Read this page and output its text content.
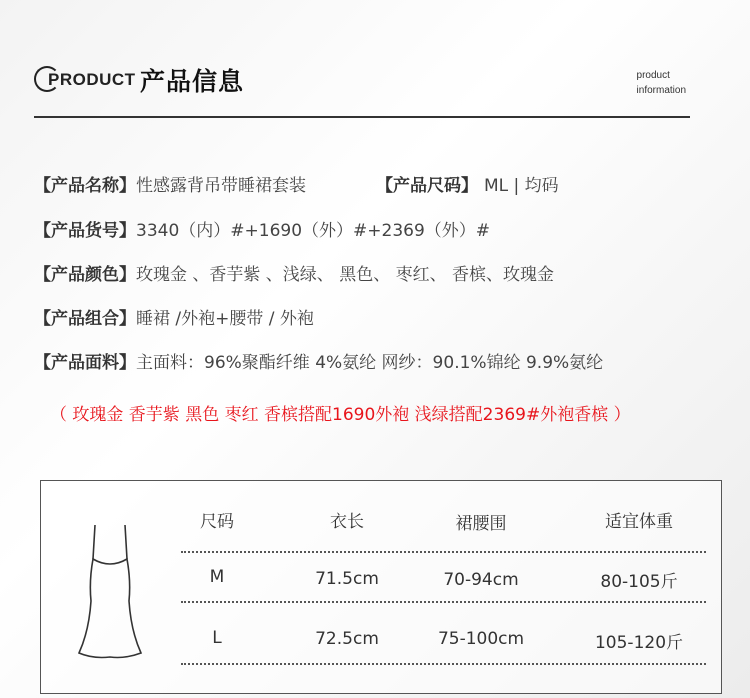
PRODUCT 产品信息	product
information
【产品名称】性感露背吊带睡裙套装	【产品尺码】 ML | 均码
【产品货号】3340（内）#+1690（外）#+2369（外）#
【产品颜色】玫瑰金 、香芋紫 、浅绿、 黑色、 枣红、 香槟、玫瑰金
【产品组合】睡裙 /外袍+腰带 / 外袍
【产品面料】主面料：96%聚酯纤维 4%氨纶 网纱：90.1%锦纶 9.9%氨纶
（ 玫瑰金 香芋紫 黑色 枣红 香槟搭配1690外袍 浅绿搭配2369#外袍香槟 ）
尺码	衣长	裙腰围	适宜体重
M	71.5cm	70-94cm	80-105斤
L	72.5cm	75-100cm	105-120斤
